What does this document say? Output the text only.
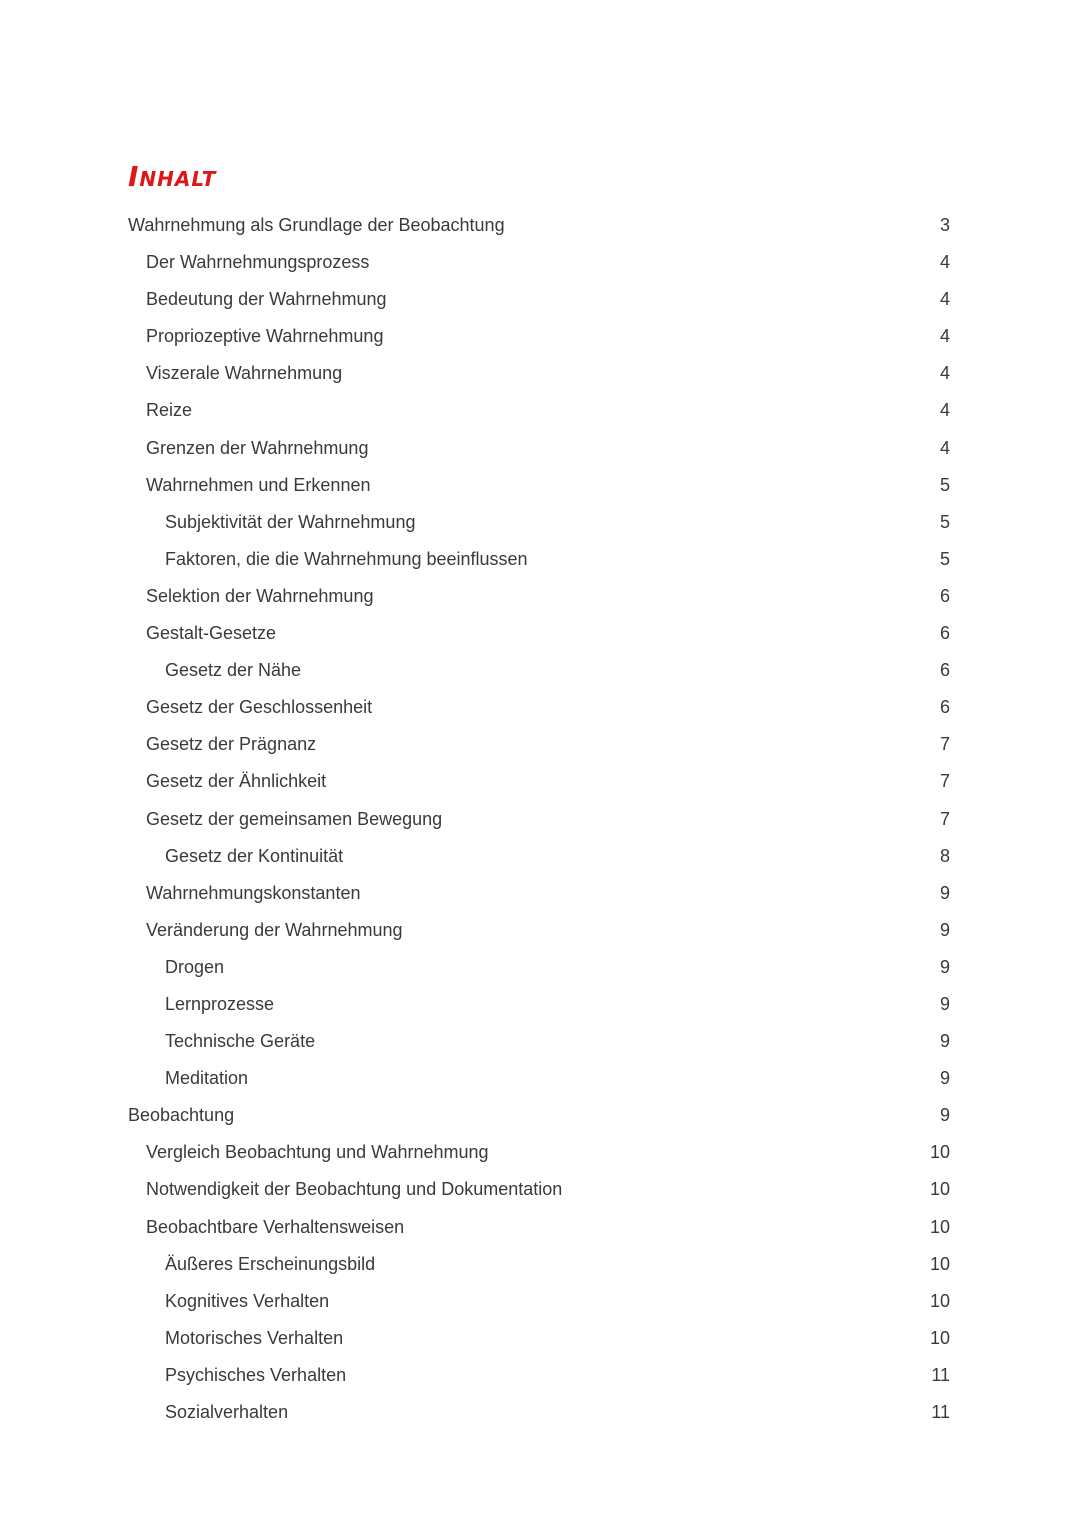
Inhalt
Wahrnehmung als Grundlage der Beobachtung	3
Der Wahrnehmungsprozess	4
Bedeutung der Wahrnehmung	4
Propriozeptive Wahrnehmung	4
Viszerale Wahrnehmung	4
Reize	4
Grenzen der Wahrnehmung	4
Wahrnehmen und Erkennen	5
Subjektivität der Wahrnehmung	5
Faktoren, die die Wahrnehmung beeinflussen	5
Selektion der Wahrnehmung	6
Gestalt-Gesetze	6
Gesetz der Nähe	6
Gesetz der Geschlossenheit	6
Gesetz der Prägnanz	7
Gesetz der Ähnlichkeit	7
Gesetz der gemeinsamen Bewegung	7
Gesetz der Kontinuität	8
Wahrnehmungskonstanten	9
Veränderung der Wahrnehmung	9
Drogen	9
Lernprozesse	9
Technische Geräte	9
Meditation	9
Beobachtung	9
Vergleich Beobachtung und Wahrnehmung	10
Notwendigkeit der Beobachtung und Dokumentation	10
Beobachtbare Verhaltensweisen	10
Äußeres Erscheinungsbild	10
Kognitives Verhalten	10
Motorisches Verhalten	10
Psychisches Verhalten	11
Sozialverhalten	11
